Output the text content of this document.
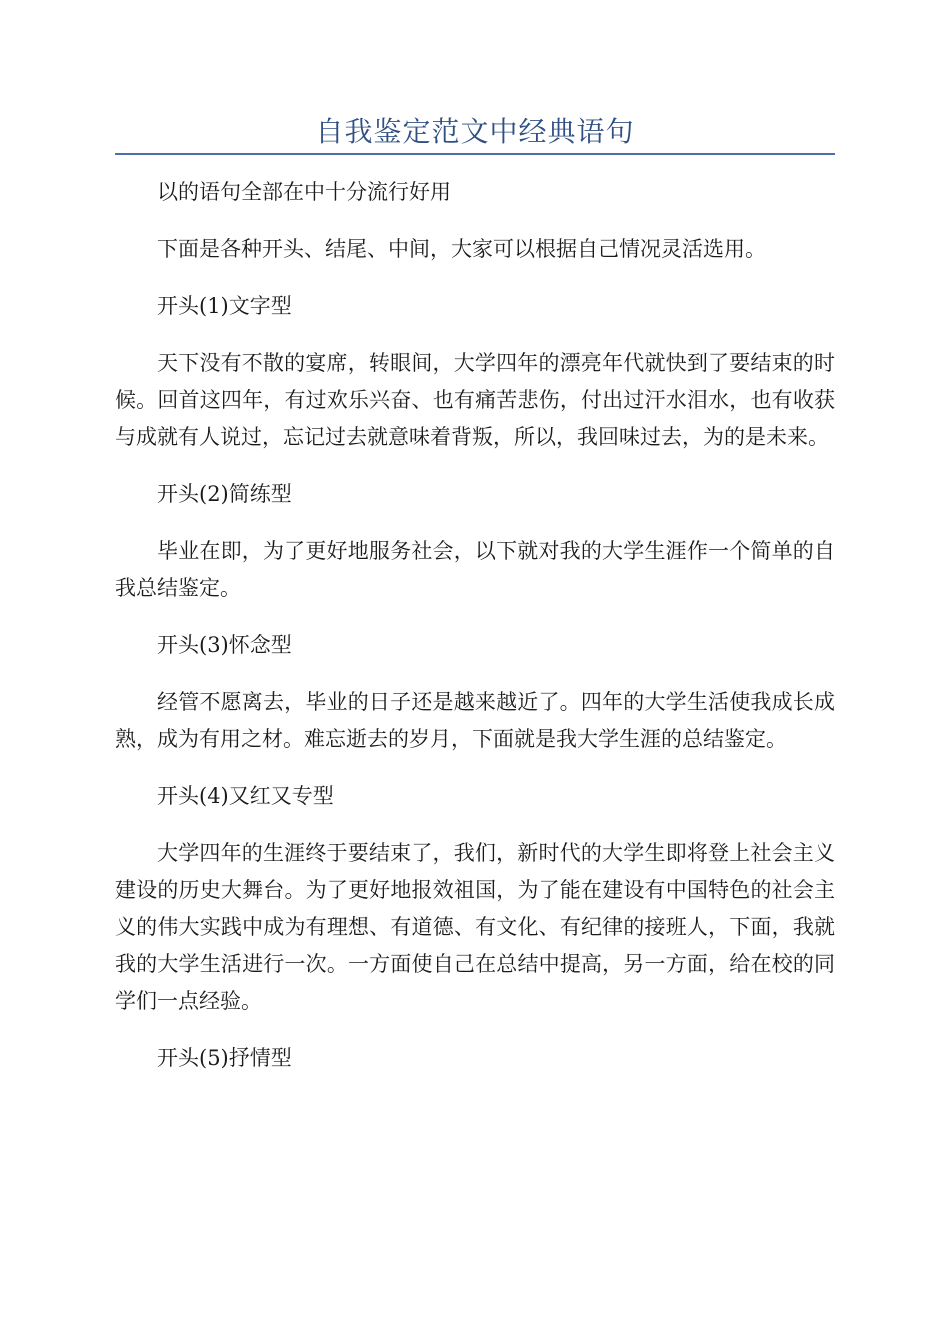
自我鉴定范文中经典语句

以的语句全部在中十分流行好用

下面是各种开头、结尾、中间，大家可以根据自己情况灵活选用。

开头(1)文字型

天下没有不散的宴席，转眼间，大学四年的漂亮年代就快到了要结束的时候。回首这四年，有过欢乐兴奋、也有痛苦悲伤，付出过汗水泪水，也有收获与成就有人说过，忘记过去就意味着背叛，所以，我回味过去，为的是未来。

开头(2)简练型

毕业在即，为了更好地服务社会，以下就对我的大学生涯作一个简单的自我总结鉴定。

开头(3)怀念型

经管不愿离去，毕业的日子还是越来越近了。四年的大学生活使我成长成熟，成为有用之材。难忘逝去的岁月，下面就是我大学生涯的总结鉴定。

开头(4)又红又专型

大学四年的生涯终于要结束了，我们，新时代的大学生即将登上社会主义建设的历史大舞台。为了更好地报效祖国，为了能在建设有中国特色的社会主义的伟大实践中成为有理想、有道德、有文化、有纪律的接班人，下面，我就我的大学生活进行一次。一方面使自己在总结中提高，另一方面，给在校的同学们一点经验。

开头(5)抒情型
